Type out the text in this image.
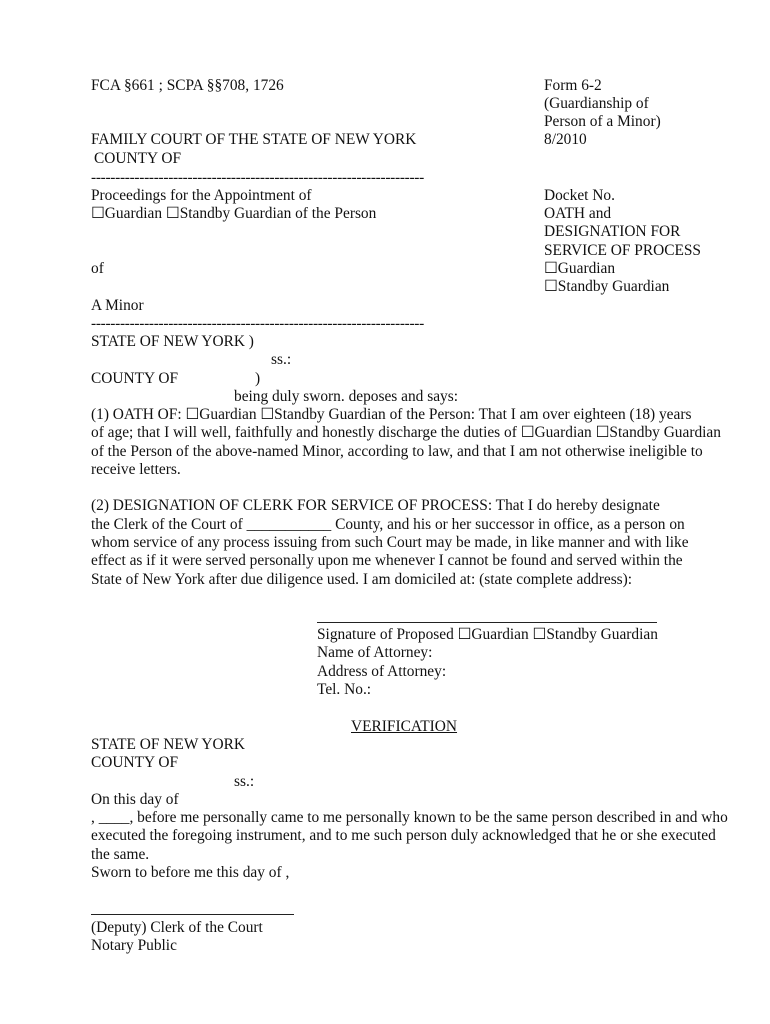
FCA §661 ; SCPA §§708, 1726
FAMILY COURT OF THE STATE OF NEW YORK
COUNTY OF
Form 6-2
(Guardianship of
Person of a Minor)
8/2010
---------------------------------------------------------------------
Proceedings for the Appointment of
☐Guardian ☐Standby Guardian of the Person
of
A Minor
---------------------------------------------------------------------
Docket No.
OATH and
DESIGNATION FOR
SERVICE OF PROCESS
☐Guardian
☐Standby Guardian
STATE OF NEW YORK )
ss.:
COUNTY OF	)
being duly sworn. deposes and says:
(1) OATH OF: ☐Guardian ☐Standby Guardian of the Person: That I am over eighteen (18) years
of age; that I will well, faithfully and honestly discharge the duties of ☐Guardian ☐Standby Guardian
of the Person of the above-named Minor, according to law, and that I am not otherwise ineligible to
receive letters.
(2) DESIGNATION OF CLERK FOR SERVICE OF PROCESS: That I do hereby designate
the Clerk of the Court of ___________ County, and his or her successor in office, as a person on
whom service of any process issuing from such Court may be made, in like manner and with like
effect as if it were served personally upon me whenever I cannot be found and served within the
State of New York after due diligence used. I am domiciled at: (state complete address):
Signature of Proposed ☐Guardian ☐Standby Guardian
Name of Attorney:
Address of Attorney:
Tel. No.:
VERIFICATION
STATE OF NEW YORK
COUNTY OF
ss.:
On this day of
, ____, before me personally came to me personally known to be the same person described in and who
executed the foregoing instrument, and to me such person duly acknowledged that he or she executed
the same.
Sworn to before me this day of ,
(Deputy) Clerk of the Court
Notary Public
